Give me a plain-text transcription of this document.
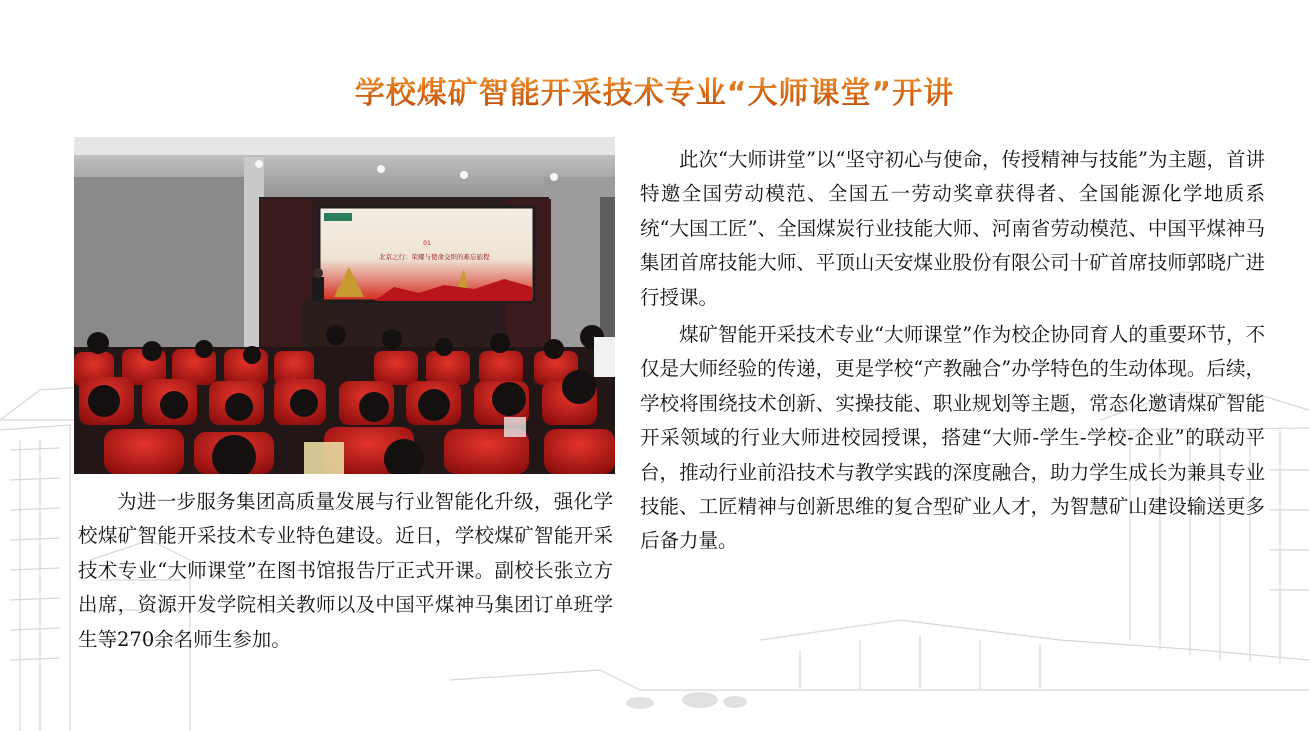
学校煤矿智能开采技术专业“大师课堂”开讲
01
北京之行：荣耀与使命交织的难忘旅程

为进一步服务集团高质量发展与行业智能化升级，强化学校煤矿智能开采技术专业特色建设。近日，学校煤矿智能开采技术专业“大师课堂”在图书馆报告厅正式开课。副校长张立方出席，资源开发学院相关教师以及中国平煤神马集团订单班学生等270余名师生参加。

此次“大师讲堂”以“坚守初心与使命，传授精神与技能”为主题，首讲特邀全国劳动模范、全国五一劳动奖章获得者、全国能源化学地质系统“大国工匠”、全国煤炭行业技能大师、河南省劳动模范、中国平煤神马集团首席技能大师、平顶山天安煤业股份有限公司十矿首席技师郭晓广进行授课。

煤矿智能开采技术专业“大师课堂”作为校企协同育人的重要环节，不仅是大师经验的传递，更是学校“产教融合”办学特色的生动体现。后续，学校将围绕技术创新、实操技能、职业规划等主题，常态化邀请煤矿智能开采领域的行业大师进校园授课，搭建“大师-学生-学校-企业”的联动平台，推动行业前沿技术与教学实践的深度融合，助力学生成长为兼具专业技能、工匠精神与创新思维的复合型矿业人才，为智慧矿山建设输送更多后备力量。
